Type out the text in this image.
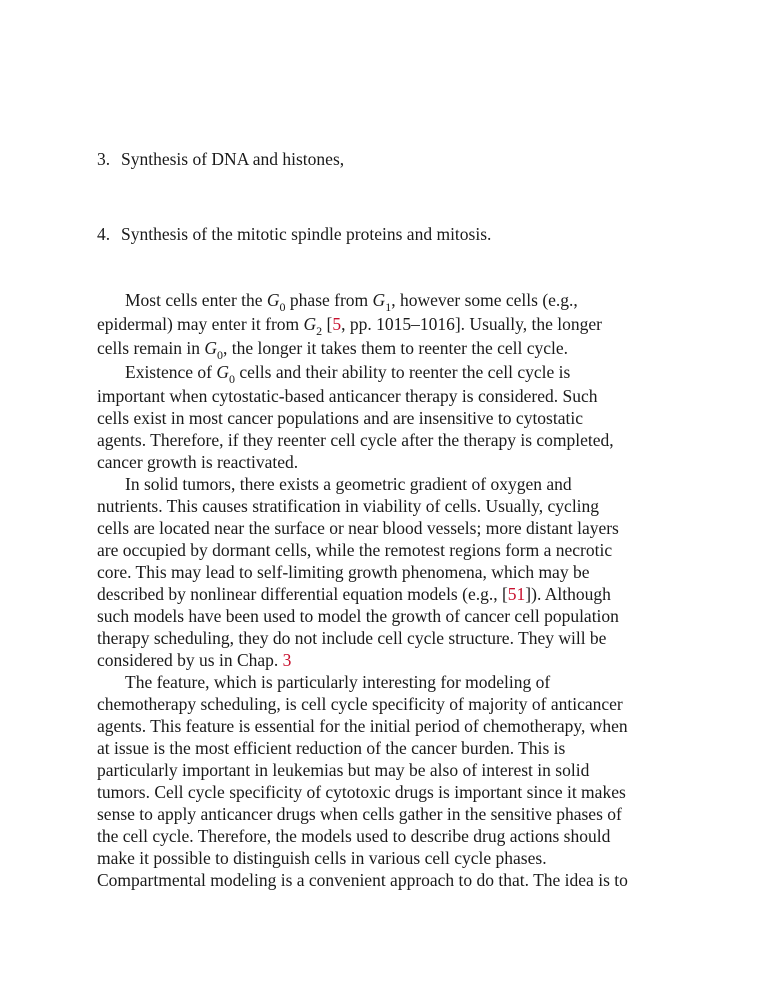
3. Synthesis of DNA and histones,
4. Synthesis of the mitotic spindle proteins and mitosis.
Most cells enter the $G_0$ phase from $G_1$, however some cells (e.g.,
epidermal) may enter it from $G_2$ [5, pp. 1015–1016]. Usually, the longer
cells remain in $G_0$, the longer it takes them to reenter the cell cycle.
Existence of $G_0$ cells and their ability to reenter the cell cycle is
important when cytostatic-based anticancer therapy is considered. Such
cells exist in most cancer populations and are insensitive to cytostatic
agents. Therefore, if they reenter cell cycle after the therapy is completed,
cancer growth is reactivated.
In solid tumors, there exists a geometric gradient of oxygen and
nutrients. This causes stratification in viability of cells. Usually, cycling
cells are located near the surface or near blood vessels; more distant layers
are occupied by dormant cells, while the remotest regions form a necrotic
core. This may lead to self-limiting growth phenomena, which may be
described by nonlinear differential equation models (e.g., [51]). Although
such models have been used to model the growth of cancer cell population
therapy scheduling, they do not include cell cycle structure. They will be
considered by us in Chap. 3
The feature, which is particularly interesting for modeling of
chemotherapy scheduling, is cell cycle specificity of majority of anticancer
agents. This feature is essential for the initial period of chemotherapy, when
at issue is the most efficient reduction of the cancer burden. This is
particularly important in leukemias but may be also of interest in solid
tumors. Cell cycle specificity of cytotoxic drugs is important since it makes
sense to apply anticancer drugs when cells gather in the sensitive phases of
the cell cycle. Therefore, the models used to describe drug actions should
make it possible to distinguish cells in various cell cycle phases.
Compartmental modeling is a convenient approach to do that. The idea is to
